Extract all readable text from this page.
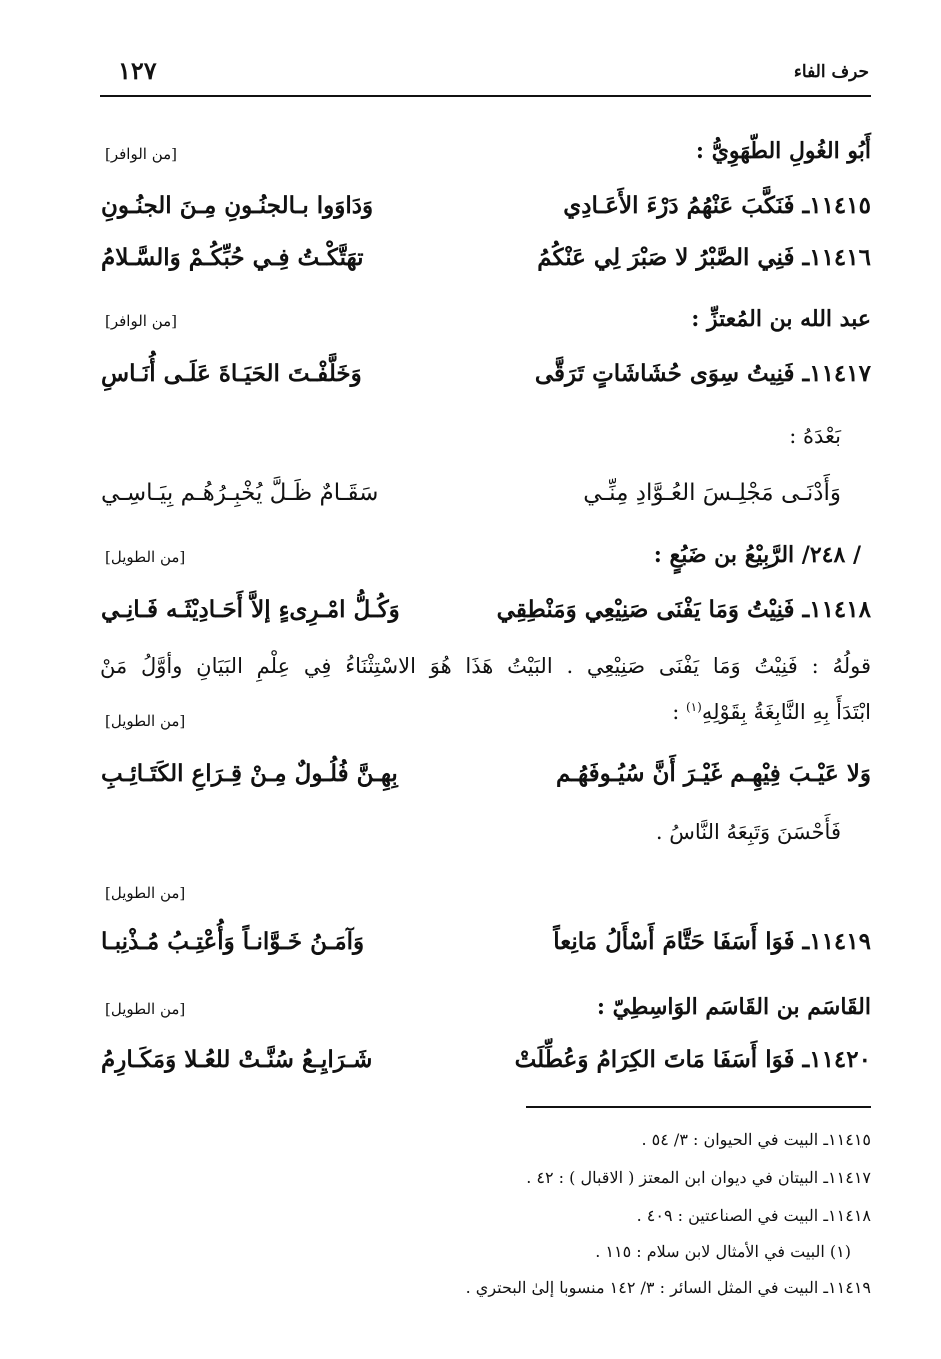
حرف الفاء
١٢٧
أَبُو الغُولِ الطّهَوِيُّ :
[من الوافر]
١١٤١٥ـ فَنَكَّبَ عَنْهُمُ دَرْءَ الأَعَـادِي
وَدَاوَوا بـالجنُـونِ مِـنَ الجنُـونِ
١١٤١٦ـ فَنِي الصَّبْرُ لا صَبْرَ لِي عَنْكُمُ
تهَتَّكْـتُ فِـي حُبِّكُـمْ وَالسَّـلامُ
عبد الله بن المُعتزِّ :
[من الوافر]
١١٤١٧ـ فَنِيتُ سِوَى حُشَاشَاتٍ تَرَقَّى
وَخَلَّفْـتَ الحَيَـاةَ عَلَـى أُنَـاسِ
بَعْدَهُ :
وَأَدْنَـى مَجْلِـسَ العُـوَّادِ مِنِّـي
سَقَـامٌ ظَـلَّ يُخْبِـرُهُـم بِيَـاسِـي
/ ٢٤٨/ الرَّبِيْعُ بن ضَبُعٍ :
[من الطويل]
١١٤١٨ـ فَنِيْتُ وَمَا يَفْنَى صَنِيْعِي وَمَنْطِقِي
وَكُـلُّ امْـرِىءٍ إلاَّ أَحَـادِيْثَـه فَـانِـي
قولُهُ : فَنِيْتُ وَمَا يَفْنَى صَنِيْعِي . البَيْتُ هَذَا هُوَ الاسْتِثْنَاءُ فِي عِلْمِ البَيَانِ وأوَّلُ مَنْ
ابْتَدَأَ بِهِ النَّابِغَةُ بِقَوْلِهِ$^{(١)}$ :
[من الطويل]
وَلا عَيْـبَ فِيْهِـم غَيْـرَ أَنَّ سُيُـوفَهُـم
بِهِـنَّ فُلُـولٌ مِـنْ قِـرَاعِ الكَتَـائِـبِ
فَأَحْسَنَ وَتَبِعَهُ النَّاسُ .
[من الطويل]
١١٤١٩ـ فَوَا أَسَفَا حَتَّامَ أَسْأَلُ مَانِعاً
وَآمَـنُ خَـوَّانـاً وَأُعْتِـبُ مُـذْنِبـا
القَاسَم بن القَاسَم الوَاسِطِيّ :
[من الطويل]
١١٤٢٠ـ فَوَا أَسَفَا مَاتَ الكِرَامُ وَعُطِّلَتْ
شَـرَايِـعُ سُنَّـتْ للعُـلا وَمَكَـارِمُ
١١٤١٥ـ البيت في الحيوان : ٣/ ٥٤ .
١١٤١٧ـ البيتان في ديوان ابن المعتز ( الاقبال ) : ٤٢ .
١١٤١٨ـ البيت في الصناعتين : ٤٠٩ .
(١) البيت في الأمثال لابن سلام : ١١٥ .
١١٤١٩ـ البيت في المثل السائر : ٣/ ١٤٢ منسوبا إلىٰ البحتري .
